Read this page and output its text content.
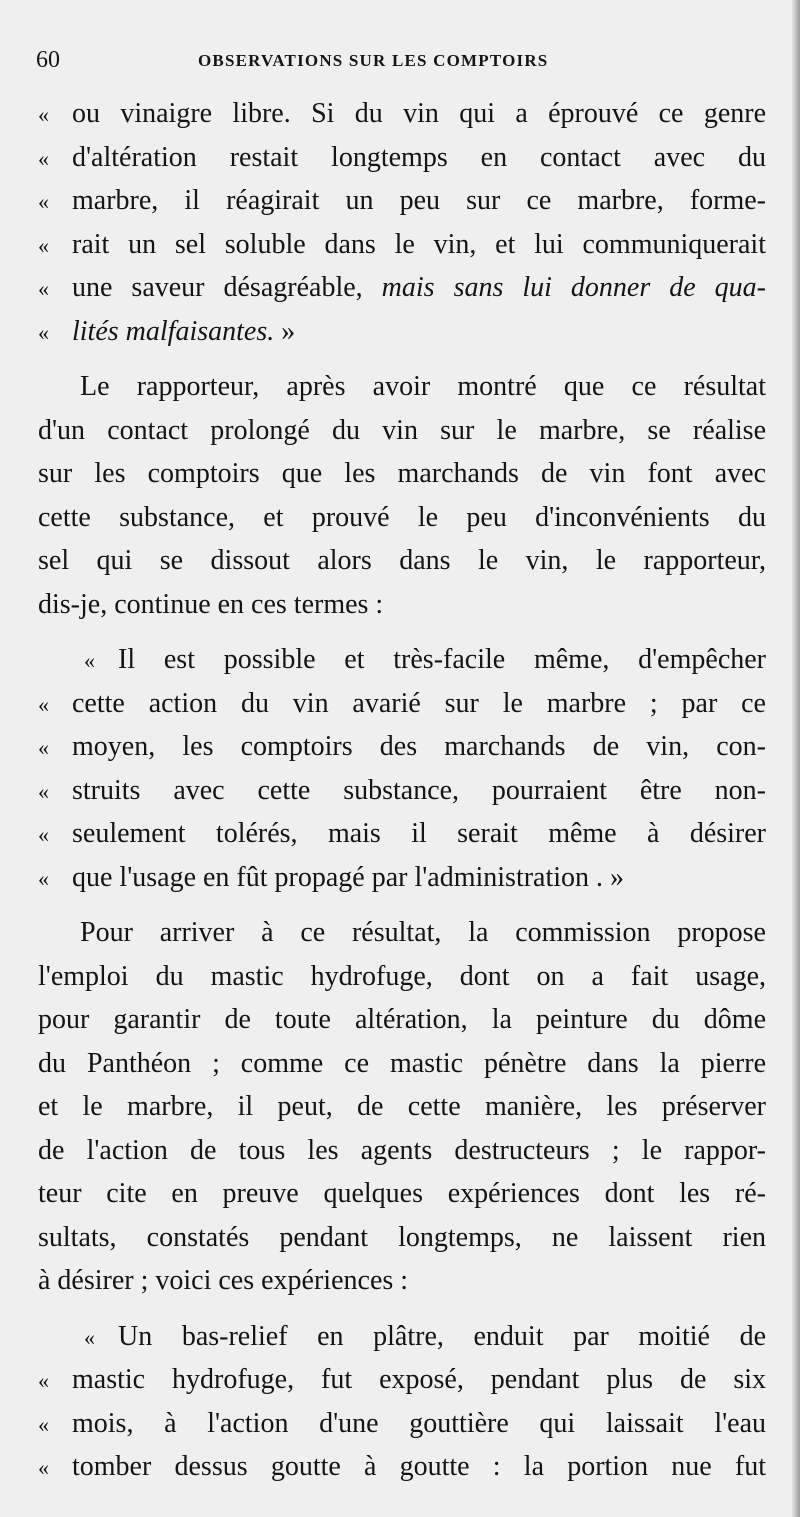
60	OBSERVATIONS SUR LES COMPTOIRS
« ou vinaigre libre. Si du vin qui a éprouvé ce genre
« d'altération restait longtemps en contact avec du
« marbre, il réagirait un peu sur ce marbre, forme-
« rait un sel soluble dans le vin, et lui communiquerait
« une saveur désagréable, mais sans lui donner de qua-
« lités malfaisantes. »
Le rapporteur, après avoir montré que ce résultat
d'un contact prolongé du vin sur le marbre, se réalise
sur les comptoirs que les marchands de vin font avec
cette substance, et prouvé le peu d'inconvénients du
sel qui se dissout alors dans le vin, le rapporteur,
dis-je, continue en ces termes :
« Il est possible et très-facile même, d'empêcher
« cette action du vin avarié sur le marbre ; par ce
« moyen, les comptoirs des marchands de vin, con-
« struits avec cette substance, pourraient être non-
« seulement tolérés, mais il serait même à désirer
« que l'usage en fût propagé par l'administration . »
Pour arriver à ce résultat, la commission propose
l'emploi du mastic hydrofuge, dont on a fait usage,
pour garantir de toute altération, la peinture du dôme
du Panthéon ; comme ce mastic pénètre dans la pierre
et le marbre, il peut, de cette manière, les préserver
de l'action de tous les agents destructeurs ; le rappor-
teur cite en preuve quelques expériences dont les ré-
sultats, constatés pendant longtemps, ne laissent rien
à désirer ; voici ces expériences :
« Un bas-relief en plâtre, enduit par moitié de
« mastic hydrofuge, fut exposé, pendant plus de six
« mois, à l'action d'une gouttière qui laissait l'eau
« tomber dessus goutte à goutte : la portion nue fut
